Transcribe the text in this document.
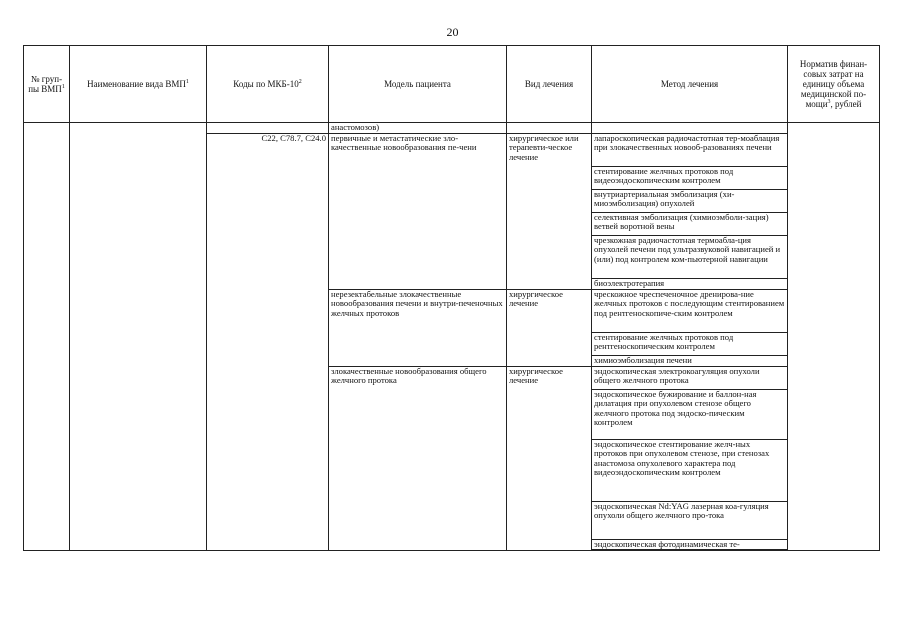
20
№ груп-пы ВМП$^1$	Наименование вида ВМП$^1$	Коды по МКБ-$10^2$	Модель пациента	Вид лечения	Метод лечения	Норматив финан-совых затрат на единицу объема медицинской по-мощи$^3$, рублей
			анастомозов)			
		C22, C78.7, C24.0	первичные и метастатические зло-качественные новообразования пе-чени	хирургическое или терапевти-ческое лечение	лапароскопическая радиочастотная тер-моаблация при злокачественных новооб-разованиях печени	
					стентирование желчных протоков под видеоэндоскопическим контролем	
					внутриартериальная эмболизация (хи-миоэмболизация) опухолей	
					селективная эмболизация (химиоэмболи-зация) ветвей воротной вены	
					чрезкожная радиочастотная термоабла-ция опухолей печени под ультразвуковой навигацией и (или) под контролем ком-пьютерной навигации	
					биоэлектротерапия	
			нерезектабельные злокачественные новообразования печени и внутри-печеночных желчных протоков	хирургическое лечение	чрескожное чреспеченочное дренирова-ние желчных протоков с последующим стентированием под рентгеноскопиче-ским контролем	
					стентирование желчных протоков под рентгеноскопическим контролем	
					химиоэмболизация печени	
			злокачественные новообразования общего желчного протока	хирургическое лечение	эндоскопическая электрокоагуляция опухоли общего желчного протока	
					эндоскопическое бужирование и баллон-ная дилатация при опухолевом стенозе общего желчного протока под эндоско-пическим контролем	
					эндоскопическое стентирование желч-ных протоков при опухолевом стенозе, при стенозах анастомоза опухолевого характера под видеоэндоскопическим контролем	
					эндоскопическая Nd:YAG лазерная коа-гуляция опухоли общего желчного про-тока	
					эндоскопическая фотодинамическая те-	
